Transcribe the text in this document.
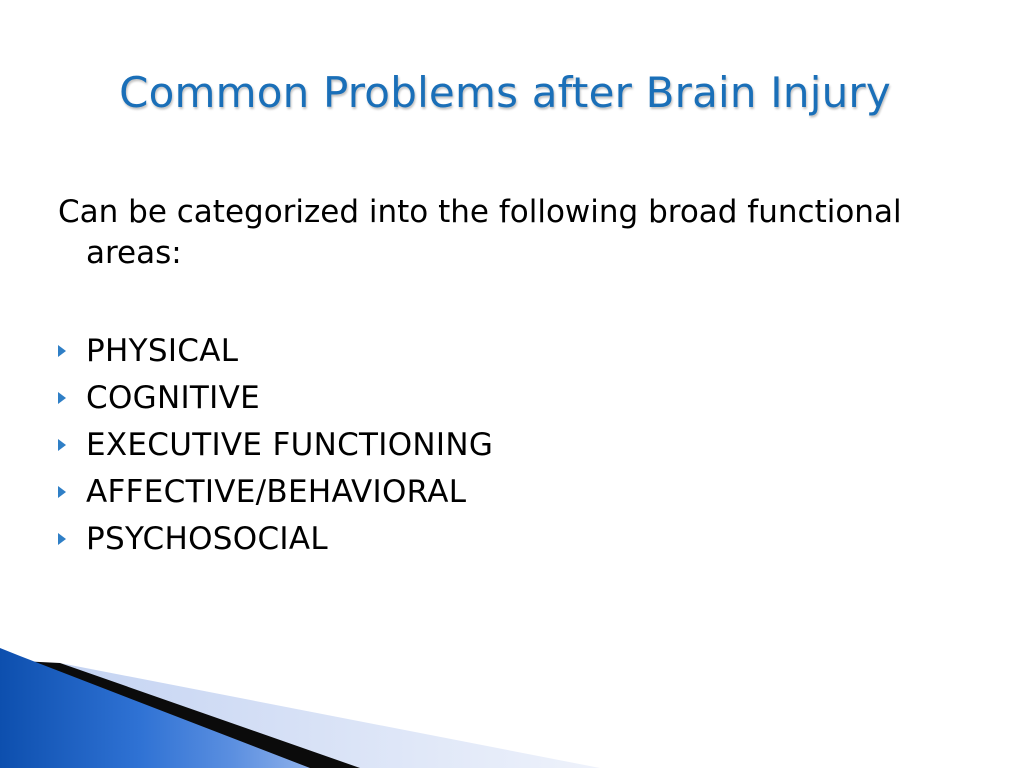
Common Problems after Brain Injury

Can be categorized into the following broad functional areas:

PHYSICAL
COGNITIVE
EXECUTIVE FUNCTIONING
AFFECTIVE/BEHAVIORAL
PSYCHOSOCIAL
